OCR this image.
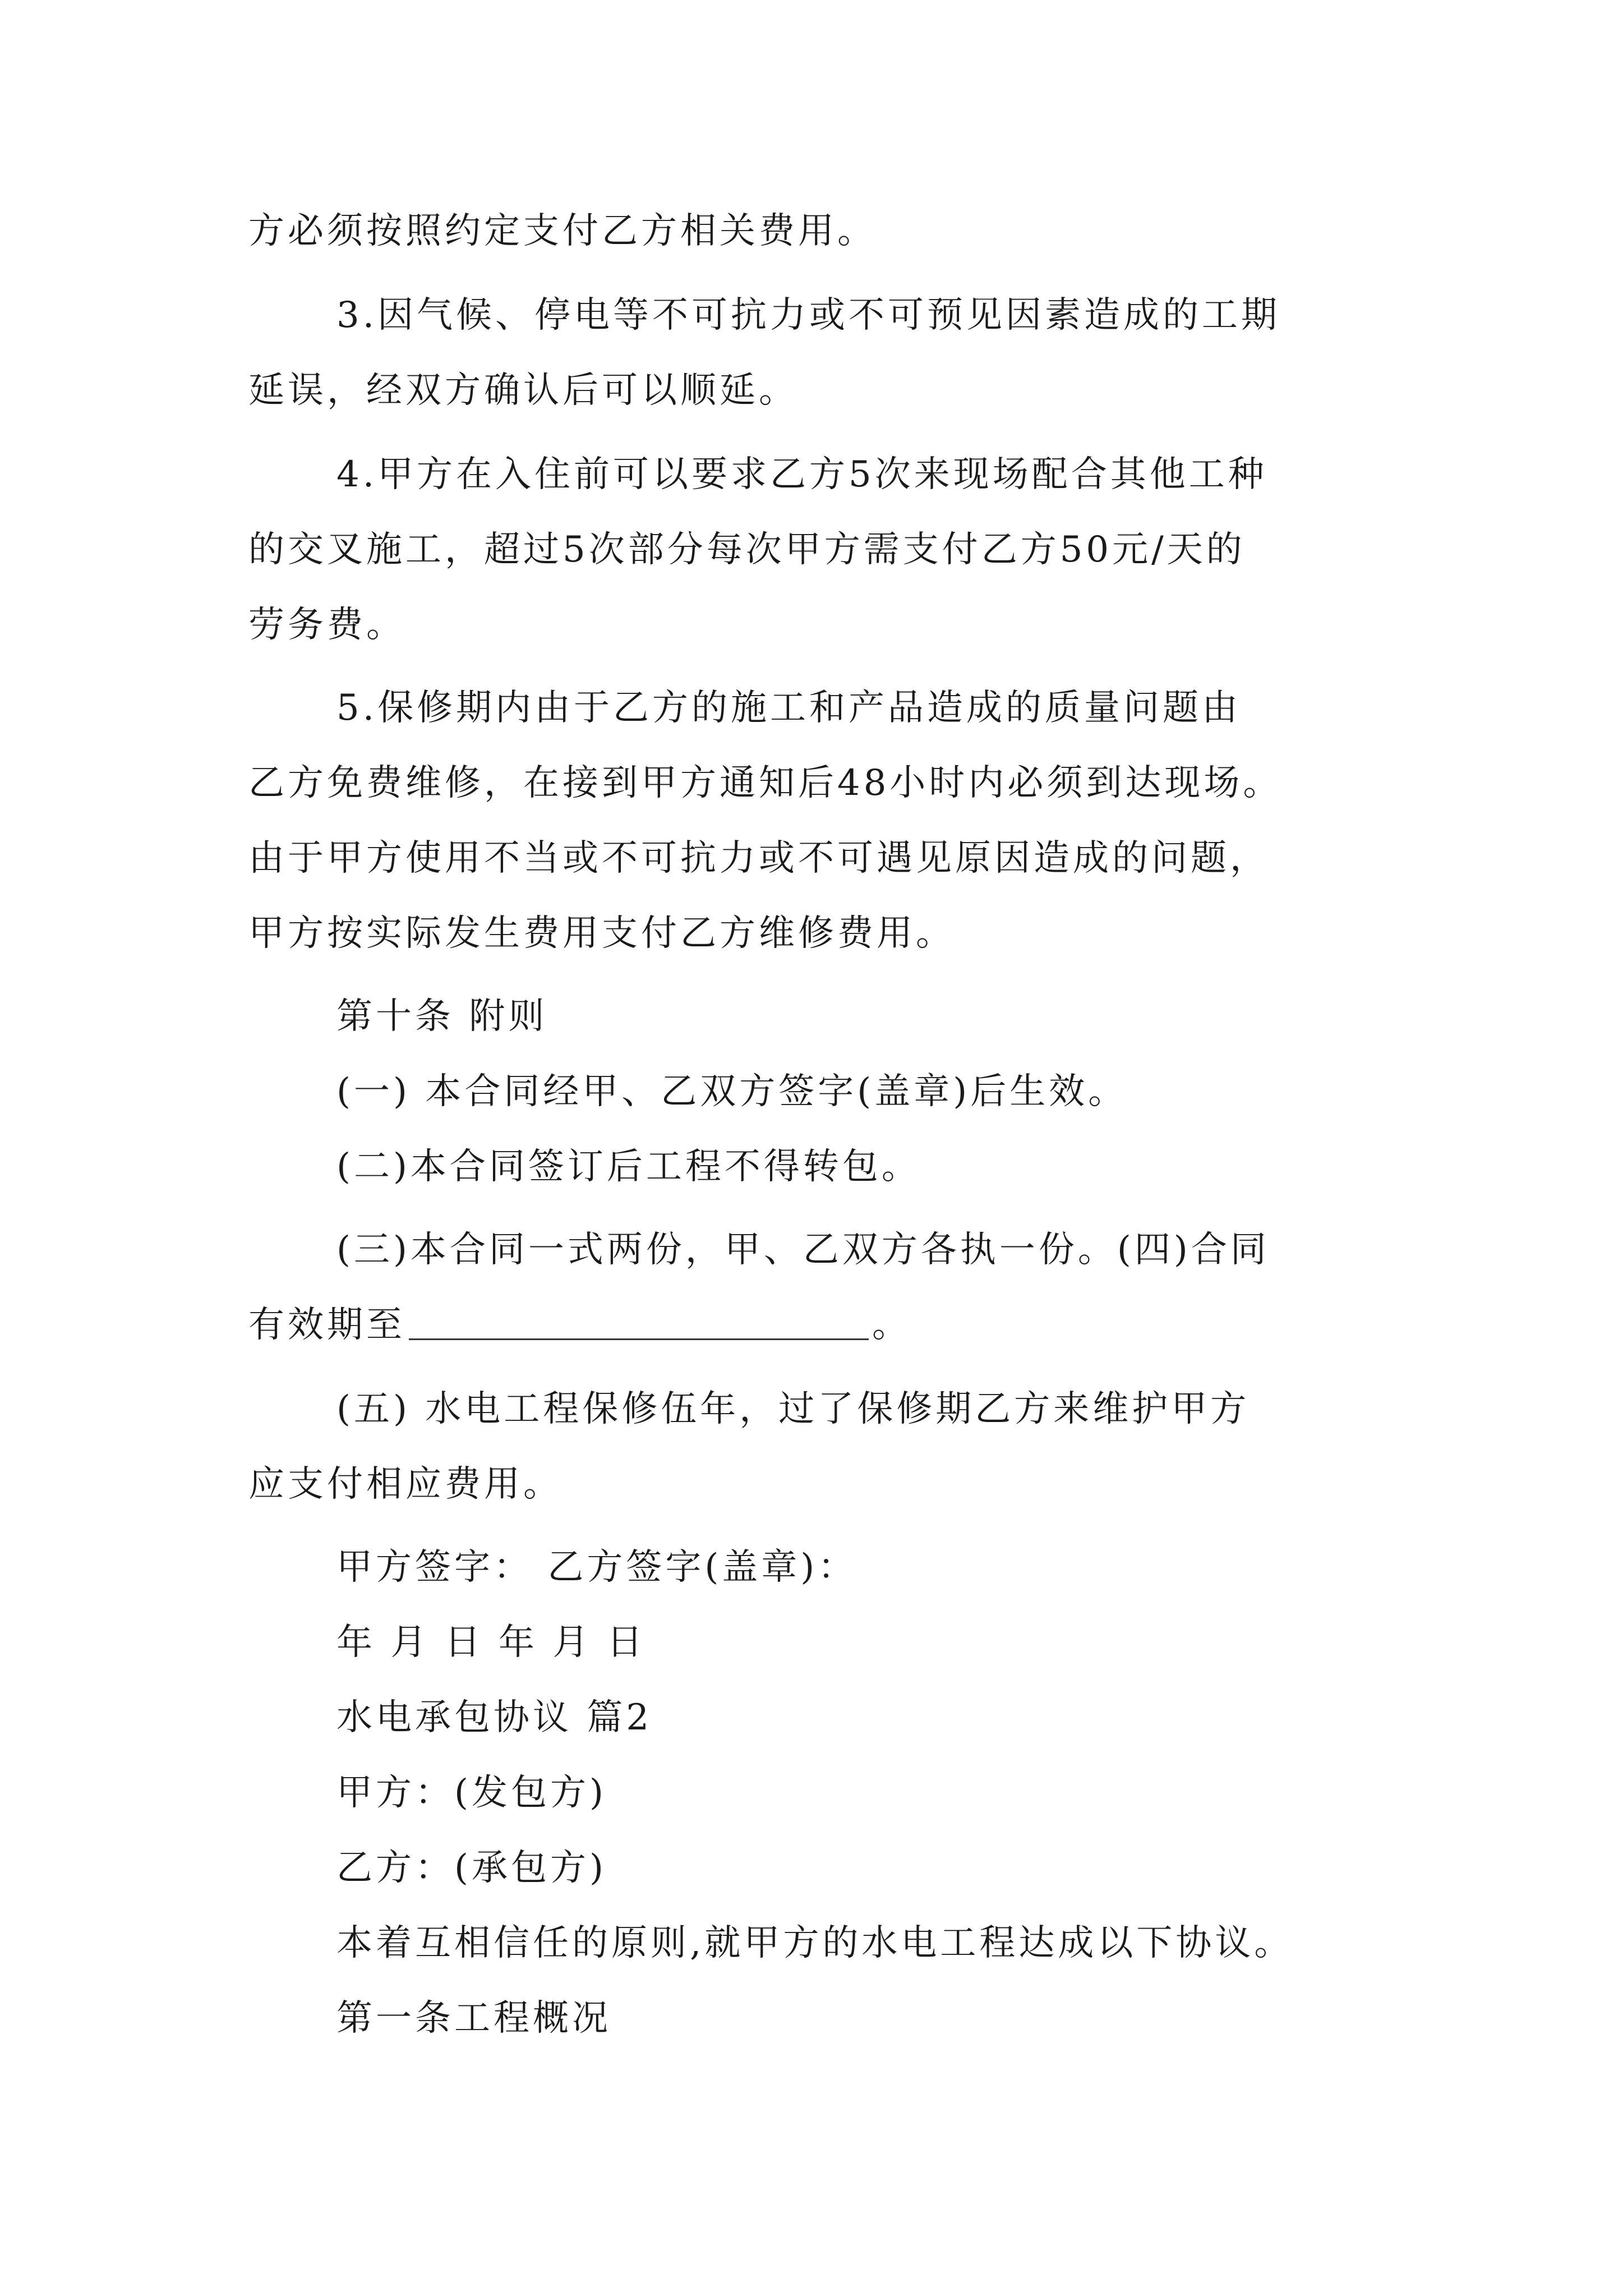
方必须按照约定支付乙方相关费用。
3.因气候、停电等不可抗力或不可预见因素造成的工期
延误，经双方确认后可以顺延。
4.甲方在入住前可以要求乙方5次来现场配合其他工种
的交叉施工，超过5次部分每次甲方需支付乙方50元/天的
劳务费。
5.保修期内由于乙方的施工和产品造成的质量问题由
乙方免费维修，在接到甲方通知后48小时内必须到达现场。
由于甲方使用不当或不可抗力或不可遇见原因造成的问题，
甲方按实际发生费用支付乙方维修费用。
第十条 附则
(一) 本合同经甲、乙双方签字(盖章)后生效。
(二)本合同签订后工程不得转包。
(三)本合同一式两份，甲、乙双方各执一份。(四)合同
有效期至	。
(五) 水电工程保修伍年，过了保修期乙方来维护甲方
应支付相应费用。
甲方签字： 乙方签字(盖章)：
年 月 日 年 月 日
水电承包协议 篇2
甲方：(发包方)
乙方：(承包方)
本着互相信任的原则,就甲方的水电工程达成以下协议。
第一条工程概况
